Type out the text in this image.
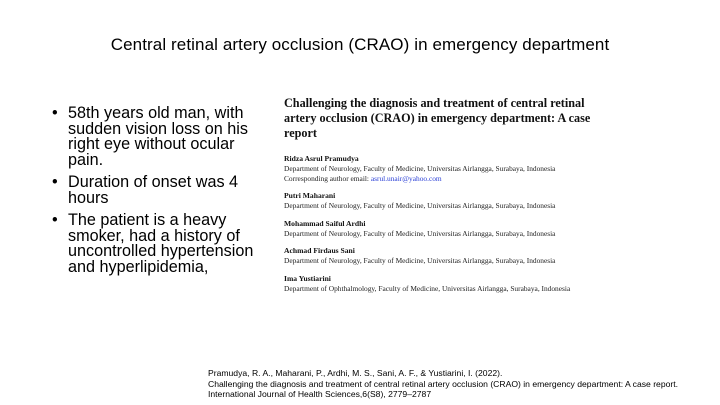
Central retinal artery occlusion (CRAO) in emergency department
• 58th years old man, with sudden vision loss on his right eye without ocular pain.
• Duration of onset was 4 hours
• The patient is a heavy smoker, had a history of uncontrolled hypertension and hyperlipidemia,
Challenging the diagnosis and treatment of central retinal artery occlusion (CRAO) in emergency department: A case report
Ridza Asrul Pramudya
Department of Neurology, Faculty of Medicine, Universitas Airlangga, Surabaya, Indonesia
Corresponding author email: asrul.unair@yahoo.com
Putri Maharani
Department of Neurology, Faculty of Medicine, Universitas Airlangga, Surabaya, Indonesia
Mohammad Saiful Ardhi
Department of Neurology, Faculty of Medicine, Universitas Airlangga, Surabaya, Indonesia
Achmad Firdaus Sani
Department of Neurology, Faculty of Medicine, Universitas Airlangga, Surabaya, Indonesia
Ima Yustiarini
Department of Ophthalmology, Faculty of Medicine, Universitas Airlangga, Surabaya, Indonesia
Pramudya, R. A., Maharani, P., Ardhi, M. S., Sani, A. F., & Yustiarini, I. (2022).
Challenging the diagnosis and treatment of central retinal artery occlusion (CRAO) in emergency department: A case report.
International Journal of Health Sciences,6(S8), 2779–2787
